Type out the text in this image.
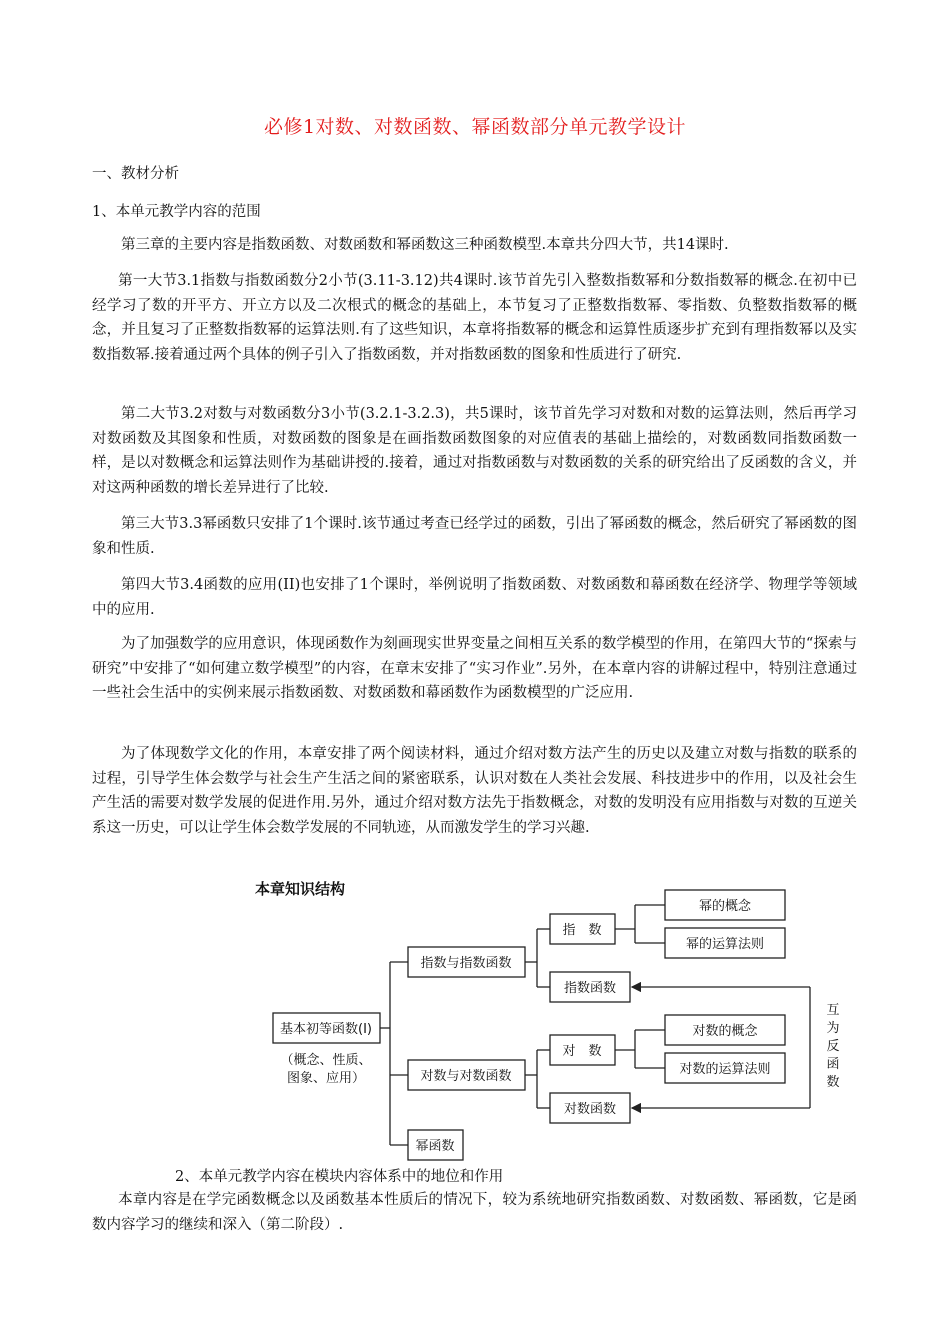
必修1对数、对数函数、幂函数部分单元教学设计
一、教材分析
1、本单元教学内容的范围
第三章的主要内容是指数函数、对数函数和幂函数这三种函数模型.本章共分四大节，共14课时.
第一大节3.1指数与指数函数分2小节(3.11-3.12)共4课时.该节首先引入整数指数幂和分数指数幂的概念.在初中已经学习了数的开平方、开立方以及二次根式的概念的基础上，本节复习了正整数指数幂、零指数、负整数指数幂的概念，并且复习了正整数指数幂的运算法则.有了这些知识，本章将指数幂的概念和运算性质逐步扩充到有理指数幂以及实数指数幂.接着通过两个具体的例子引入了指数函数，并对指数函数的图象和性质进行了研究.
第二大节3.2对数与对数函数分3小节(3.2.1-3.2.3)，共5课时，该节首先学习对数和对数的运算法则，然后再学习对数函数及其图象和性质，对数函数的图象是在画指数函数图象的对应值表的基础上描绘的，对数函数同指数函数一样，是以对数概念和运算法则作为基础讲授的.接着，通过对指数函数与对数函数的关系的研究给出了反函数的含义，并对这两种函数的增长差异进行了比较.
第三大节3.3幂函数只安排了1个课时.该节通过考查已经学过的函数，引出了幂函数的概念，然后研究了幂函数的图象和性质.
第四大节3.4函数的应用(II)也安排了1个课时，举例说明了指数函数、对数函数和幕函数在经济学、物理学等领域中的应用.
为了加强数学的应用意识，体现函数作为刻画现实世界变量之间相互关系的数学模型的作用，在第四大节的“探索与研究”中安排了“如何建立数学模型”的内容，在章末安排了“实习作业”.另外，在本章内容的讲解过程中，特别注意通过一些社会生活中的实例来展示指数函数、对数函数和幕函数作为函数模型的广泛应用.
为了体现数学文化的作用，本章安排了两个阅读材料，通过介绍对数方法产生的历史以及建立对数与指数的联系的过程，引导学生体会数学与社会生产生活之间的紧密联系，认识对数在人类社会发展、科技进步中的作用，以及社会生产生活的需要对数学发展的促进作用.另外，通过介绍对数方法先于指数概念，对数的发明没有应用指数与对数的互逆关系这一历史，可以让学生体会数学发展的不同轨迹，从而激发学生的学习兴趣.
本章知识结构
基本初等函数(I)
（概念、性质、
图象、应用）
指数与指数函数
对数与对数函数
幂函数
指　数
指数函数
对　数
对数函数
幂的概念
幂的运算法则
对数的概念
对数的运算法则
互
为
反
函
数
2、本单元教学内容在模块内容体系中的地位和作用
本章内容是在学完函数概念以及函数基本性质后的情况下，较为系统地研究指数函数、对数函数、幂函数，它是函数内容学习的继续和深入（第二阶段）.
